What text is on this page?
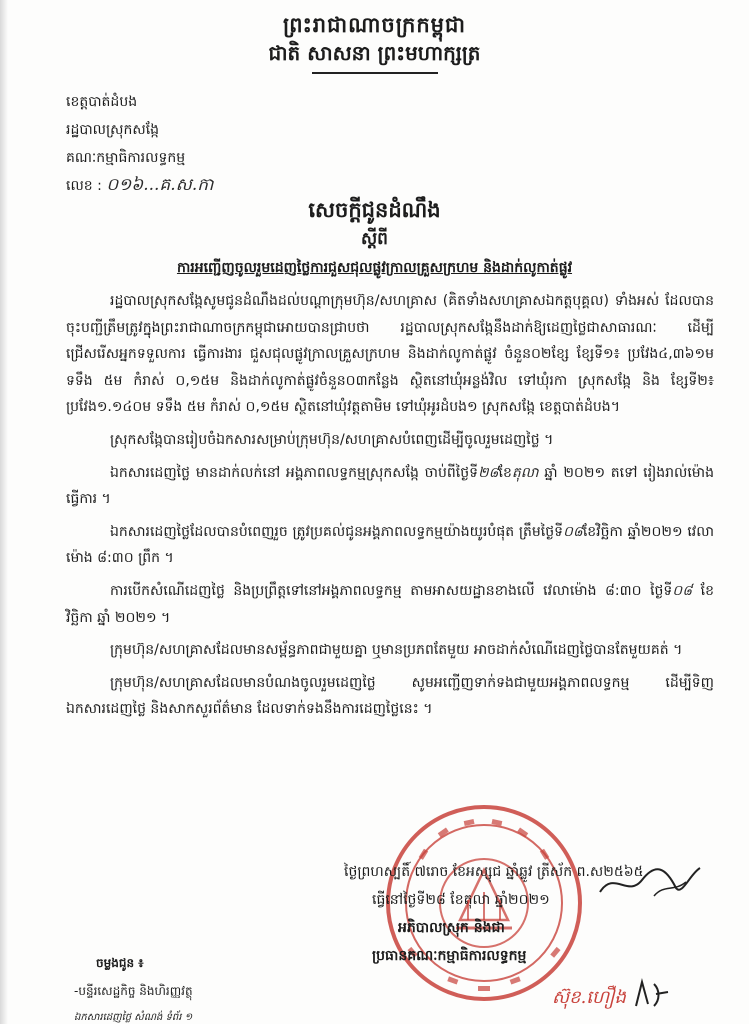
ព្រះរាជាណាចក្រកម្ពុជា
ជាតិ សាសនា ព្រះមហាក្សត្រ
ខេត្តបាត់ដំបង
រដ្ឋបាលស្រុកសង្កែ
គណៈកម្មាធិការលទ្ធកម្ម
លេខ : ០១៦...គ.ស.កា
សេចក្តីជូនដំណឹង
ស្តីពី
ការអញ្ជើញចូលរួមដេញថ្លៃការជួសជុលផ្លូវក្រាលគ្រួសក្រហម និងដាក់លូកាត់ផ្លូវ

រដ្ឋបាលស្រុកសង្កែសូមជូនដំណឹងដល់បណ្តាក្រុមហ៊ុន/សហគ្រាស (គិតទាំងសហគ្រាសឯកត្តបុគ្គល) ទាំងអស់ ដែលបានចុះបញ្ជីត្រឹមត្រូវក្នុងព្រះរាជាណាចក្រកម្ពុជាអោយបានជ្រាបថា រដ្ឋបាលស្រុកសង្កែនឹងដាក់ឱ្យដេញថ្លៃជាសាធារណៈ ដើម្បីជ្រើសរើសអ្នកទទួលការ ធ្វើការងារ ជួសជុលផ្លូវក្រាលគ្រួសក្រហម និងដាក់លូកាត់ផ្លូវ ចំនួន០២ខ្សែ ខ្សែទី១៖ ប្រវែង៤,៣៦១ម ទទឹង ៥ម កំរាស់ ០,១៥ម និងដាក់លូកាត់ផ្លូវចំនួន០៣កន្លែង ស្ថិតនៅឃុំអន្លង់វិល ទៅឃុំរកា ស្រុកសង្កែ និង ខ្សែទី២៖ ប្រវែង១.១៤០ម ទទឹង ៥ម កំរាស់ ០,១៥ម ស្ថិតនៅឃុំវត្តតាមិម ទៅឃុំអូរដំបង១ ស្រុកសង្កែ ខេត្តបាត់ដំបង។

ស្រុកសង្កែបានរៀបចំឯកសារសម្រាប់ក្រុមហ៊ុន/សហគ្រាសបំពេញដើម្បីចូលរួមដេញថ្លៃ ។

ឯកសារដេញថ្លៃ មានដាក់លក់នៅ អង្គភាពលទ្ធកម្មស្រុកសង្កែ ចាប់ពីថ្ងៃទី២៨ខែតុលា ឆ្នាំ ២០២១ តទៅ រៀងរាល់ម៉ោងធ្វើការ ។

ឯកសារដេញថ្លៃដែលបានបំពេញរួច ត្រូវប្រគល់ជូនអង្គភាពលទ្ធកម្មយ៉ាងយូរបំផុត ត្រឹមថ្ងៃទី០៨ខែវិច្ឆិកា ឆ្នាំ២០២១ វេលាម៉ោង ៨:៣០ ព្រឹក ។

ការបើកសំណើដេញថ្លៃ និងប្រព្រឹត្តទៅនៅអង្គភាពលទ្ធកម្ម តាមអាសយដ្ឋានខាងលើ វេលាម៉ោង ៨:៣០ ថ្ងៃទី០៨ ខែ វិច្ឆិកា ឆ្នាំ ២០២១ ។

ក្រុមហ៊ុន/សហគ្រាសដែលមានសម្ព័ន្ធភាពជាមួយគ្នា ឬមានប្រភពតែមួយ អាចដាក់សំណើដេញថ្លៃបានតែមួយគត់ ។

ក្រុមហ៊ុន/សហគ្រាសដែលមានបំណងចូលរួមដេញថ្លៃ សូមអញ្ជើញទាក់ទងជាមួយអង្គភាពលទ្ធកម្ម ដើម្បីទិញឯកសារដេញថ្លៃ និងសាកសួរព័ត៌មាន ដែលទាក់ទងនឹងការដេញថ្លៃនេះ ។

ថ្ងៃព្រហស្បតិ៍ ៧រោច ខែអស្សុជ ឆ្នាំឆ្លូវ ត្រីស័ក ព.ស២៥៦៥
ធ្វើនៅថ្ងៃទី២៨ ខែតុលា ឆ្នាំ២០២១
អភិបាលស្រុក និងជា
ប្រធានគណៈកម្មាធិការលទ្ធកម្ម
ស៊ុខ.ហឿង
ចម្លងជូន ៖
-បន្ទីរសេដ្ឋកិច្ច និងហិរញ្ញវត្ថុ
ឯកសារដេញថ្លៃ សំណង់ ទំព័រ ១
